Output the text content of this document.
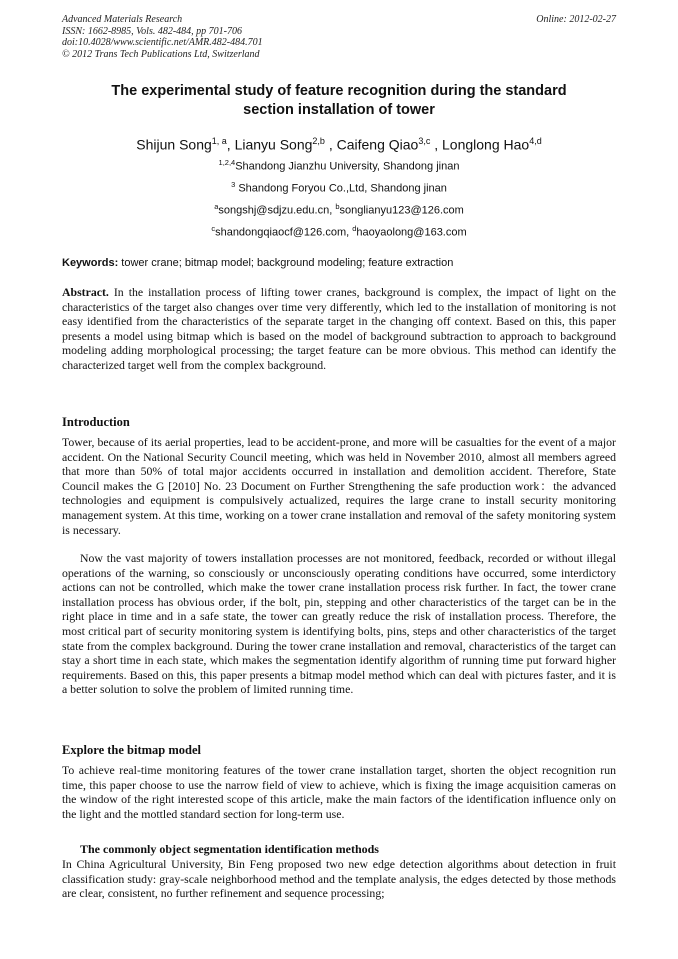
Advanced Materials Research
ISSN: 1662-8985, Vols. 482-484, pp 701-706
doi:10.4028/www.scientific.net/AMR.482-484.701
© 2012 Trans Tech Publications Ltd, Switzerland
Online: 2012-02-27
The experimental study of feature recognition during the standard
section installation of tower
Shijun Song$^{1, a}$, Lianyu Song$^{2,b}$ , Caifeng Qiao$^{3,c}$ , Longlong Hao$^{4,d}$
$^{1,2,4}$Shandong Jianzhu University, Shandong jinan
$^3$ Shandong Foryou Co.,Ltd, Shandong jinan
$^a$songshj@sdjzu.edu.cn, $^b$songlianyu123@126.com
$^c$shandongqiaocf@126.com, $^d$haoyaolong@163.com
Keywords: tower crane; bitmap model; background modeling; feature extraction
Abstract. In the installation process of lifting tower cranes, background is complex, the impact of light on the characteristics of the target also changes over time very differently, which led to the installation of monitoring is not easy identified from the characteristics of the separate target in the changing off context. Based on this, this paper presents a model using bitmap which is based on the model of background subtraction to approach to background modeling adding morphological processing; the target feature can be more obvious. This method can identify the characterized target well from the complex background.
Introduction
Tower, because of its aerial properties, lead to be accident-prone, and more will be casualties for the event of a major accident. On the National Security Council meeting, which was held in November 2010, almost all members agreed that more than 50% of total major accidents occurred in installation and demolition accident. Therefore, State Council makes the G [2010] No. 23 Document on Further Strengthening the safe production work：the advanced technologies and equipment is compulsively actualized, requires the large crane to install security monitoring management system. At this time, working on a tower crane installation and removal of the safety monitoring system is necessary.
Now the vast majority of towers installation processes are not monitored, feedback, recorded or without illegal operations of the warning, so consciously or unconsciously operating conditions have occurred, some interdictory actions can not be controlled, which make the tower crane installation process risk further. In fact, the tower crane installation process has obvious order, if the bolt, pin, stepping and other characteristics of the target can be in the right place in time and in a safe state, the tower can greatly reduce the risk of installation process. Therefore, the most critical part of security monitoring system is identifying bolts, pins, steps and other characteristics of the target state from the complex background. During the tower crane installation and removal, characteristics of the target can stay a short time in each state, which makes the segmentation identify algorithm of running time put forward higher requirements. Based on this, this paper presents a bitmap model method which can deal with pictures faster, and it is a better solution to solve the problem of limited running time.
Explore the bitmap model
To achieve real-time monitoring features of the tower crane installation target, shorten the object recognition run time, this paper choose to use the narrow field of view to achieve, which is fixing the image acquisition cameras on the window of the right interested scope of this article, make the main factors of the identification influence only on the light and the mottled standard section for long-term use.
The commonly object segmentation identification methods
In China Agricultural University, Bin Feng proposed two new edge detection algorithms about detection in fruit classification study: gray-scale neighborhood method and the template analysis, the edges detected by those methods are clear, consistent, no further refinement and sequence processing;
